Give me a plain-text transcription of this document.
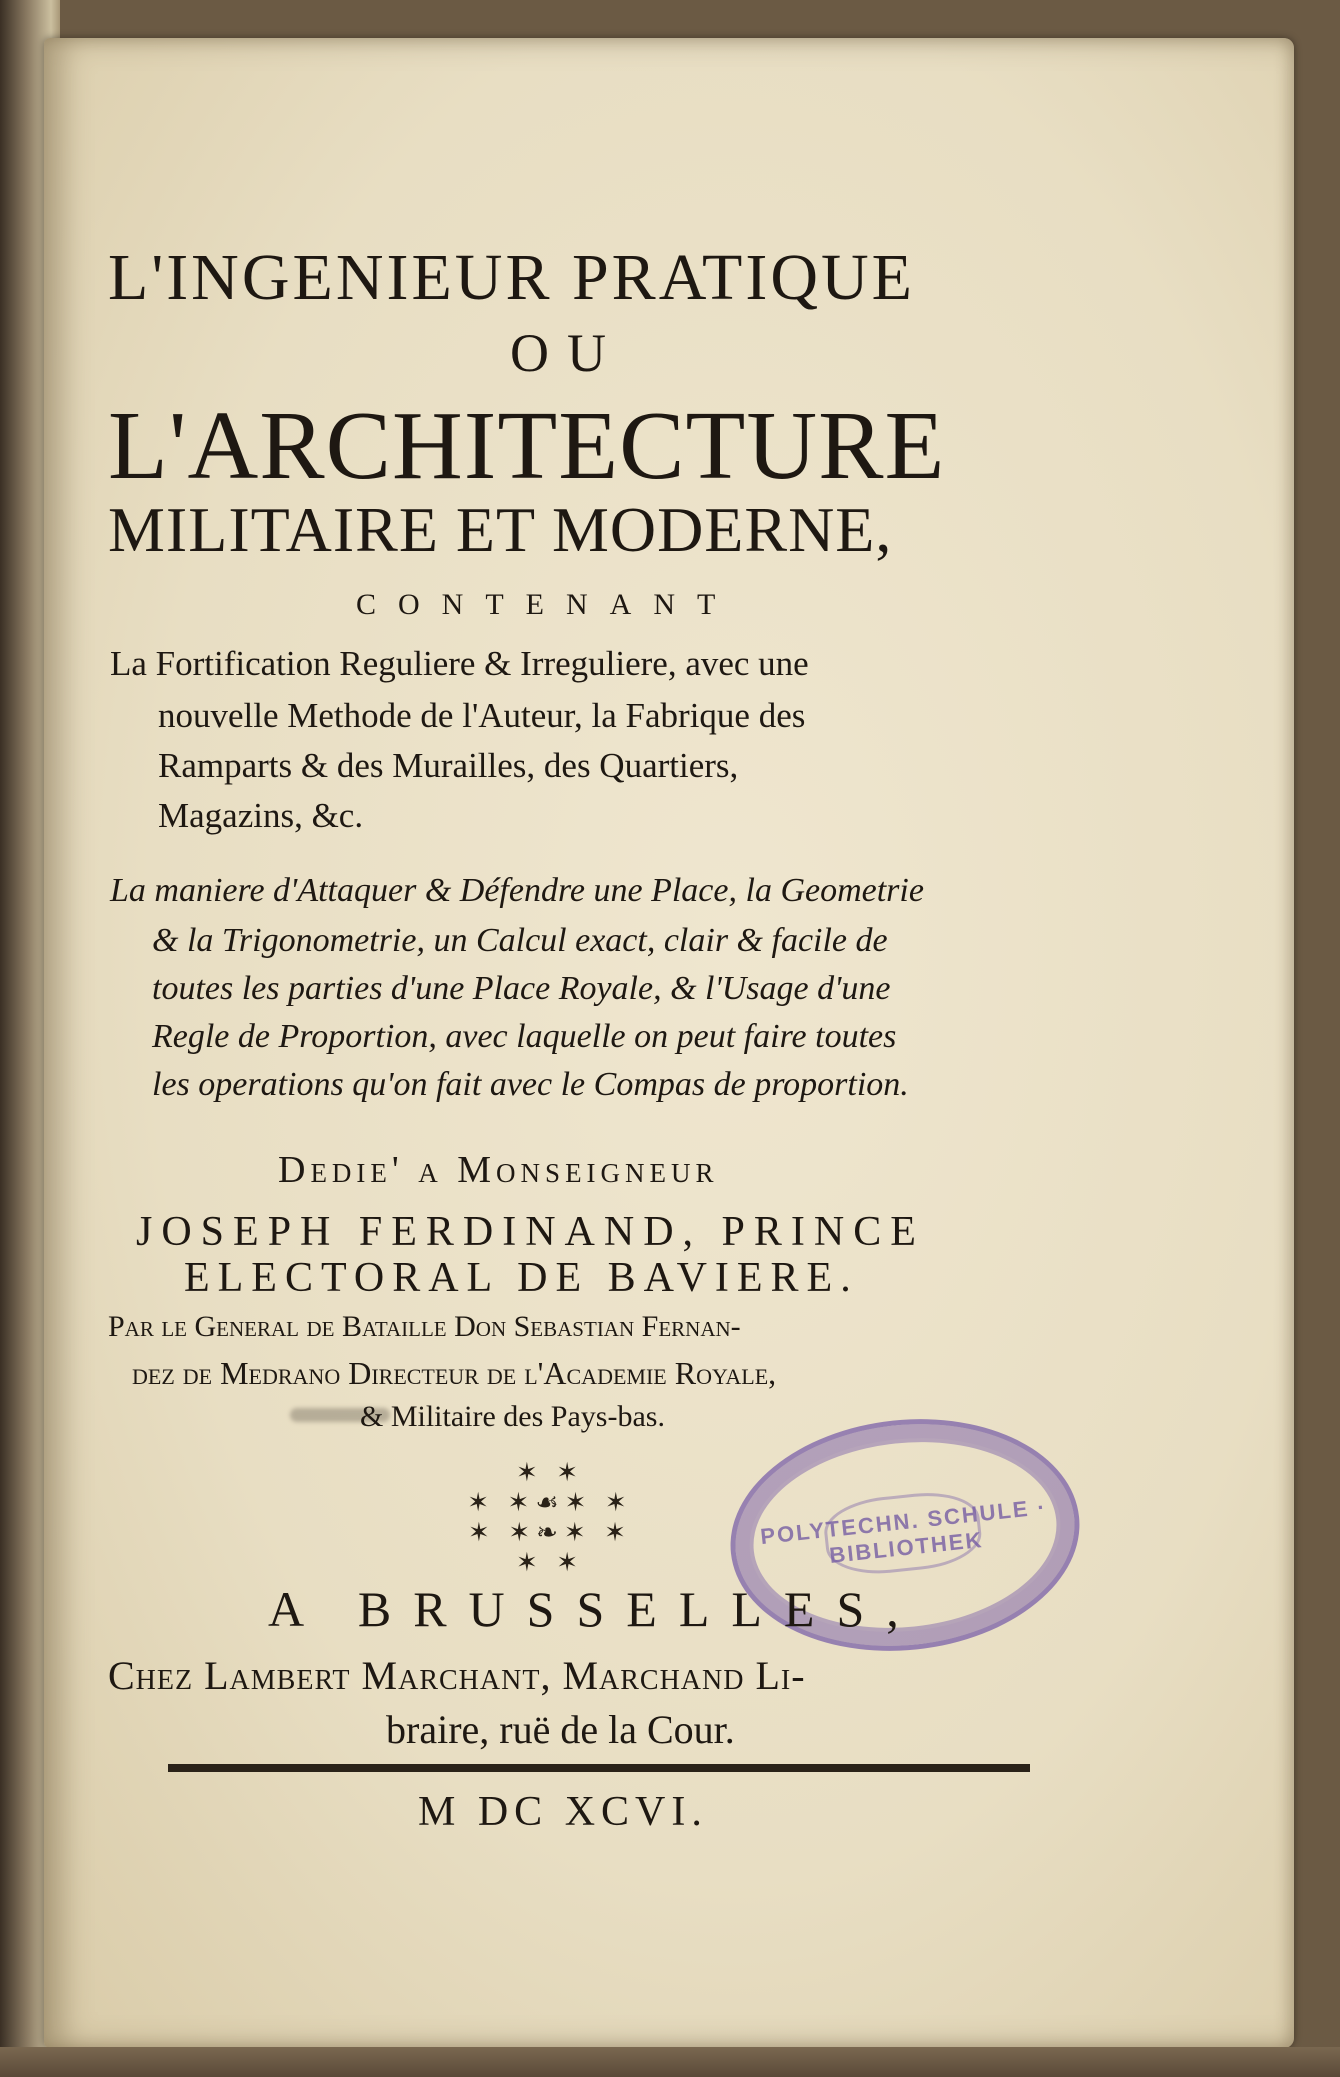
L'INGENIEUR PRATIQUE
OU
L'ARCHITECTURE
MILITAIRE ET MODERNE,
CONTENANT
La Fortification Reguliere & Irreguliere, avec une
nouvelle Methode de l'Auteur, la Fabrique des
Ramparts & des Murailles, des Quartiers,
Magazins, &c.
La maniere d'Attaquer & Défendre une Place, la Geometrie
& la Trigonometrie, un Calcul exact, clair & facile de
toutes les parties d'une Place Royale, & l'Usage d'une
Regle de Proportion, avec laquelle on peut faire toutes
les operations qu'on fait avec le Compas de proportion.
Dedie' a Monseigneur
JOSEPH FERDINAND, PRINCE
ELECTORAL DE BAVIERE.
Par le General de Bataille Don Sebastian Fernan-
dez de Medrano Directeur de l'Academie Royale,
& Militaire des Pays-bas.
✶ ✶
✶ ✶☙✶ ✶
✶ ✶❧✶ ✶
✶ ✶
POLYTECHN. SCHULE · BIBLIOTHEK
A BRUSSELLES,
Chez Lambert Marchant, Marchand Li-
braire, ruë de la Cour.
M DC XCVI.
